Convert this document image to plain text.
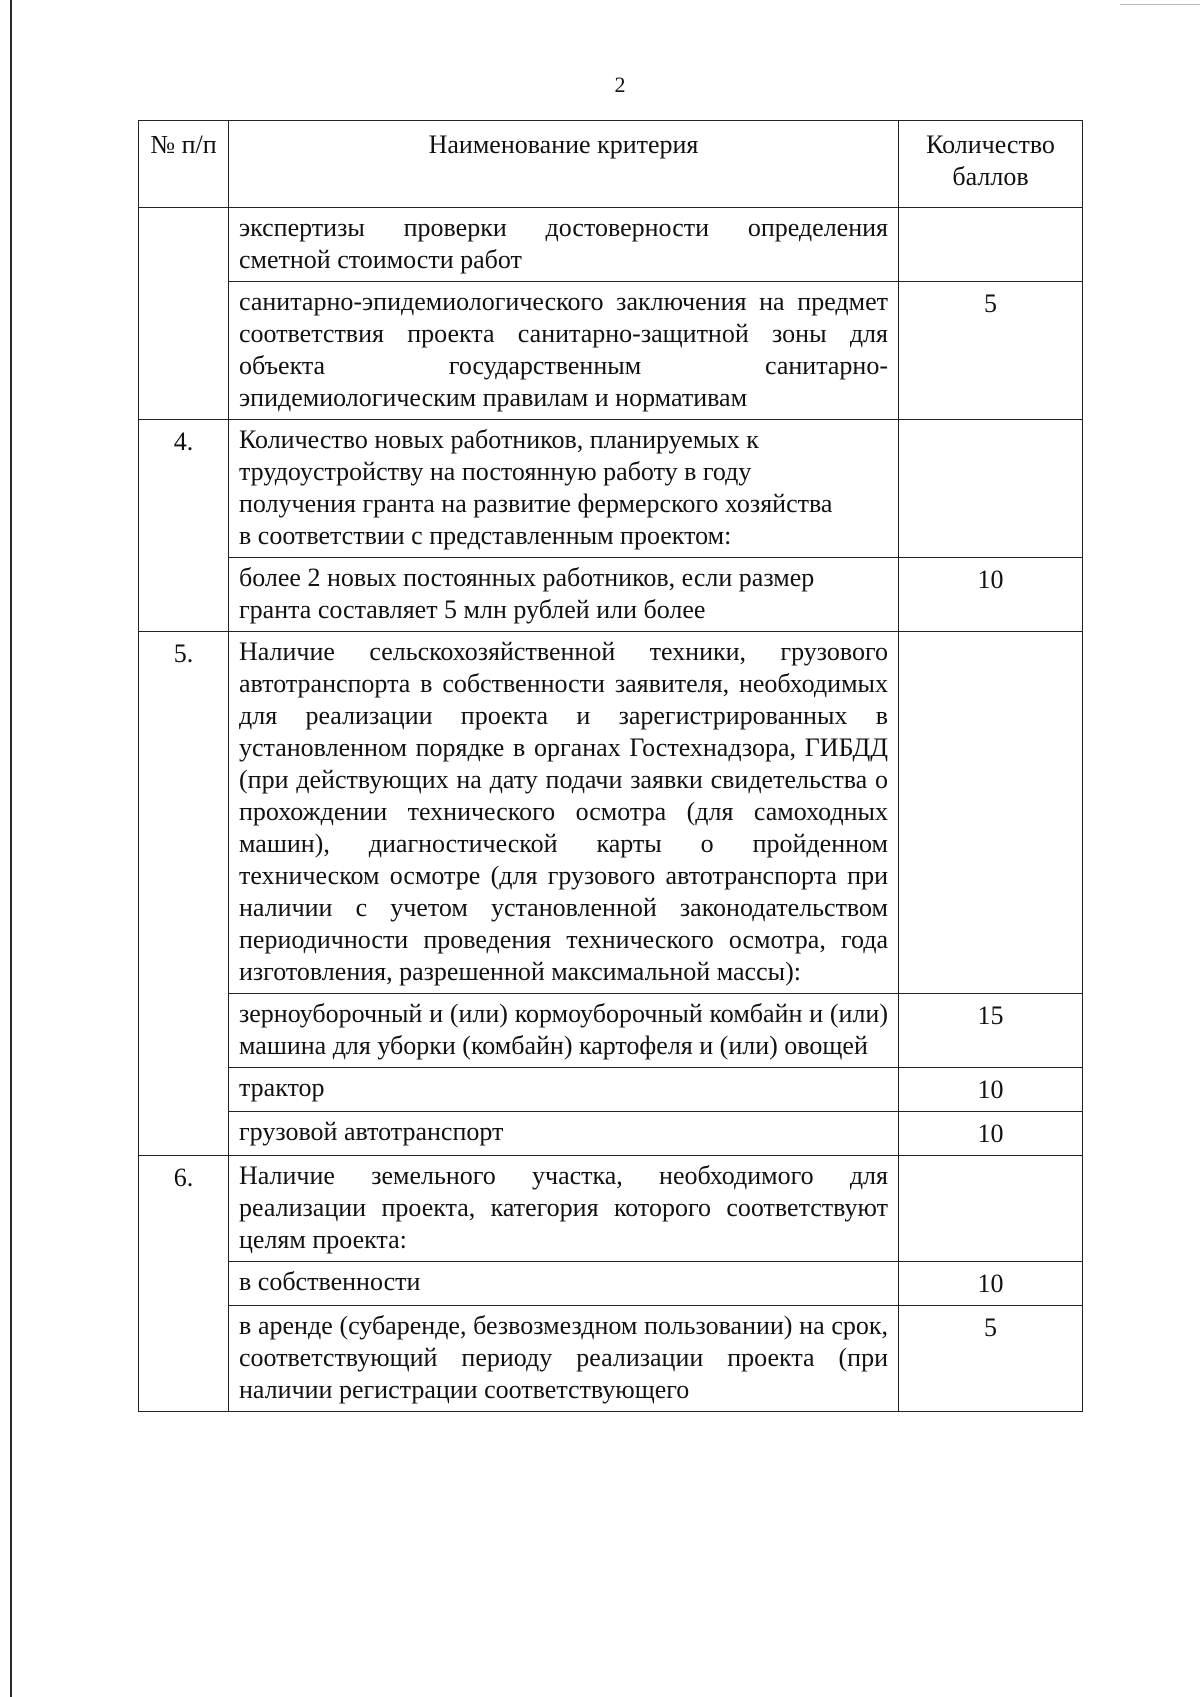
2
№ п/п	Наименование критерия	Количество баллов
	экспертизы проверки достоверности определения сметной стоимости работ	
	санитарно-эпидемиологического заключения на предмет соответствия проекта санитарно-защитной зоны для объекта государственным санитарно-эпидемиологическим правилам и нормативам	5
4.	Количество новых работников, планируемых к трудоустройству на постоянную работу в году получения гранта на развитие фермерского хозяйства в соответствии с представленным проектом:	
	более 2 новых постоянных работников, если размер гранта составляет 5 млн рублей или более	10
5.	Наличие сельскохозяйственной техники, грузового автотранспорта в собственности заявителя, необходимых для реализации проекта и зарегистрированных в установленном порядке в органах Гостехнадзора, ГИБДД (при действующих на дату подачи заявки свидетельства о прохождении технического осмотра (для самоходных машин), диагностической карты о пройденном техническом осмотре (для грузового автотранспорта при наличии с учетом установленной законодательством периодичности проведения технического осмотра, года изготовления, разрешенной максимальной массы):	
	зерноуборочный и (или) кормоуборочный комбайн и (или) машина для уборки (комбайн) картофеля и (или) овощей	15
	трактор	10
	грузовой автотранспорт	10
6.	Наличие земельного участка, необходимого для реализации проекта, категория которого соответствуют целям проекта:	
	в собственности	10
	в аренде (субаренде, безвозмездном пользовании) на срок, соответствующий периоду реализации проекта (при наличии регистрации соответствующего	5
